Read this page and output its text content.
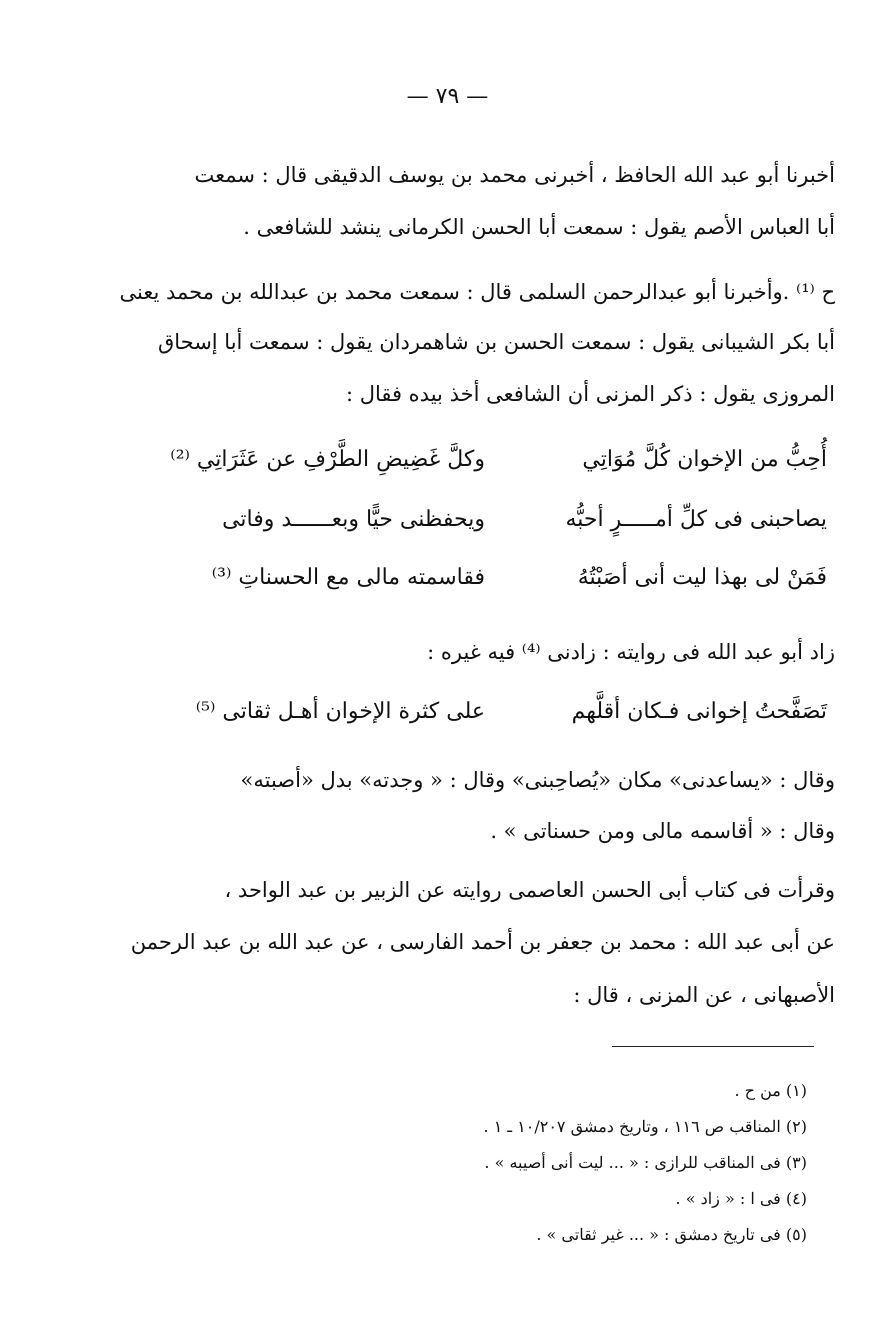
— ٧٩ —
أخبرنا أبو عبد الله الحافظ ، أخبرنى محمد بن يوسف الدقيقى قال : سمعت
أبا العباس الأصم يقول : سمعت أبا الحسن الكرمانى ينشد للشافعى .
ح ⁽¹⁾ .وأخبرنا أبو عبدالرحمن السلمى قال : سمعت محمد بن عبدالله بن محمد يعنى
أبا بكر الشيبانى يقول : سمعت الحسن بن شاهمردان يقول : سمعت أبا إسحاق
المروزى يقول : ذكر المزنى أن الشافعى أخذ بيده فقال :
أُحِبُّ من الإخوان كُلَّ مُوَاتِي
وكلَّ غَضِيضِ الطَّرْفِ عن عَثَرَاتِي ⁽²⁾
يصاحبنى فى كلِّ أمـــــرٍ أحبُّه
ويحفظنى حيًّا وبعــــــد وفاتى
فَمَنْ لى بهذا ليت أنى أصَبْتُهُ
فقاسمته مالى مع الحسناتِ ⁽³⁾
زاد أبو عبد الله فى روايته : زادنى ⁽⁴⁾ فيه غيره :
تَصَفَّحتُ إخوانى فـكان أقلَّهم
على كثرة الإخوان أهـل ثقاتى ⁽⁵⁾
وقال : «يساعدنى» مكان «يُصاحِبنى» وقال : « وجدته» بدل «أصبته»
وقال : « أقاسمه مالى ومن حسناتى » .
وقرأت فى كتاب أبى الحسن العاصمى روايته عن الزبير بن عبد الواحد ،
عن أبى عبد الله : محمد بن جعفر بن أحمد الفارسى ، عن عبد الله بن عبد الرحمن
الأصبهانى ، عن المزنى ، قال :
(١) من ح .
(٢) المناقب ص ١١٦ ، وتاريخ دمشق ١٠/٢٠٧ ـ ١ .
(٣) فى المناقب للرازى : « ... ليت أنى أصيبه » .
(٤) فى ا : « زاد » .
(٥) فى تاريخ دمشق : « ... غير ثقاتى » .
